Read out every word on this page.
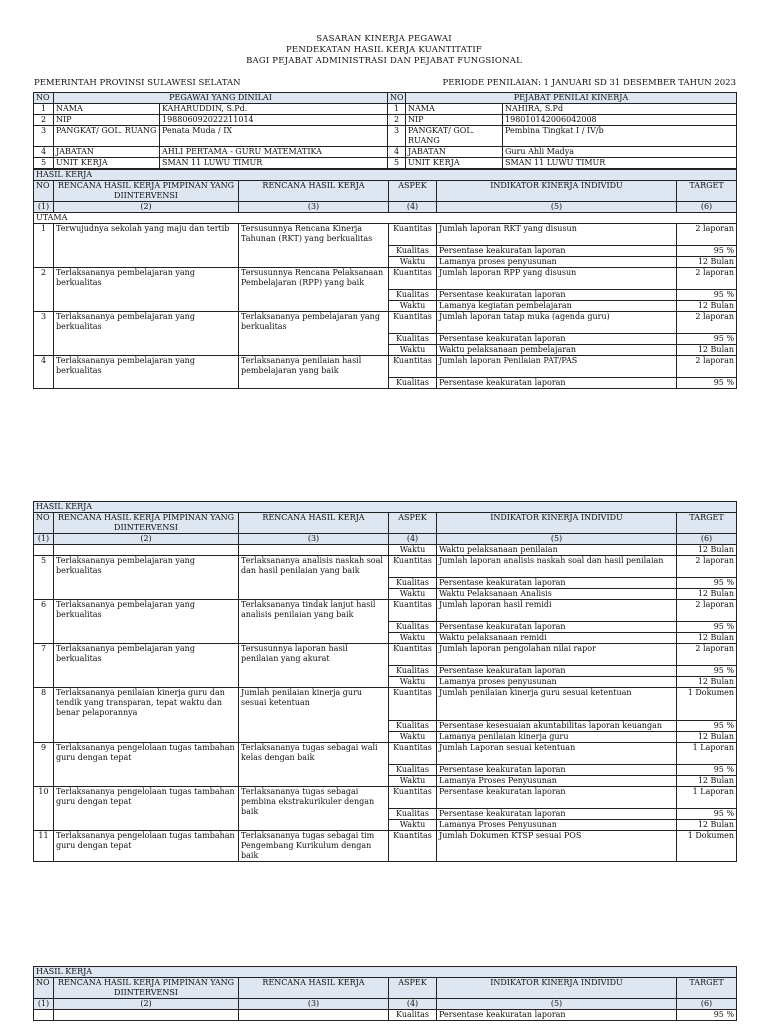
SASARAN KINERJA PEGAWAI
PENDEKATAN HASIL KERJA KUANTITATIF
BAGI PEJABAT ADMINISTRASI DAN PEJABAT FUNGSIONAL
PEMERINTAH PROVINSI SULAWESI SELATAN	PERIODE PENILAIAN: 1 JANUARI SD 31 DESEMBER TAHUN 2023
NO	PEGAWAI YANG DINILAI		NO	PEJABAT PENILAI KINERJA	
1	NAMA	KAHARUDDIN, S.Pd.	1	NAMA	NAHIRA, S.Pd
2	NIP	198806092022211014	2	NIP	198010142006042008
3	PANGKAT/ GOL. RUANG	Penata Muda / IX	3	PANGKAT/ GOL. RUANG	Pembina Tingkat I / IV/b
4	JABATAN	AHLI PERTAMA - GURU MATEMATIKA	4	JABATAN	Guru Ahli Madya
5	UNIT KERJA	SMAN 11 LUWU TIMUR	5	UNIT KERJA	SMAN 11 LUWU TIMUR
HASIL KERJA					
NO	RENCANA HASIL KERJA PIMPINAN YANG DIINTERVENSI	RENCANA HASIL KERJA	ASPEK	INDIKATOR KINERJA INDIVIDU	TARGET
(1)	(2)	(3)	(4)	(5)	(6)
UTAMA					
1	Terwujudnya sekolah yang maju dan tertib	Tersusunnya Rencana Kinerja Tahunan (RKT) yang berkualitas	Kuantitas	Jumlah laporan RKT yang disusun	2 laporan
			Kualitas	Persentase keakuratan laporan	95 %
			Waktu	Lamanya proses penyusunan	12 Bulan
2	Terlaksananya pembelajaran yang berkualitas	Tersusunnya Rencana Pelaksanaan Pembelajaran (RPP) yang baik	Kuantitas	Jumlah laporan RPP yang disusun	2 laporan
			Kualitas	Persentase keakuratan laporan	95 %
			Waktu	Lamanya kegiatan pembelajaran	12 Bulan
3	Terlaksananya pembelajaran yang berkualitas	Terlaksananya pembelajaran yang berkualitas	Kuantitas	Jumlah laporan tatap muka (agenda guru)	2 laporan
			Kualitas	Persentase keakuratan laporan	95 %
			Waktu	Waktu pelaksanaan pembelajaran	12 Bulan
4	Terlaksananya pembelajaran yang berkualitas	Terlaksananya penilaian hasil pembelajaran yang baik	Kuantitas	Jumlah laporan Penilaian PAT/PAS	2 laporan
			Kualitas	Persentase keakuratan laporan	95 %
HASIL KERJA					
NO	RENCANA HASIL KERJA PIMPINAN YANG DIINTERVENSI	RENCANA HASIL KERJA	ASPEK	INDIKATOR KINERJA INDIVIDU	TARGET
(1)	(2)	(3)	(4)	(5)	(6)
			Waktu	Waktu pelaksanaan penilaian	12 Bulan
5	Terlaksananya pembelajaran yang berkualitas	Terlaksananya analisis naskah soal dan hasil penilaian yang baik	Kuantitas	Jumlah laporan analisis naskah soal dan hasil penilaian	2 laporan
			Kualitas	Persentase keakuratan laporan	95 %
			Waktu	Waktu Pelaksanaan Analisis	12 Bulan
6	Terlaksananya pembelajaran yang berkualitas	Terlaksananya tindak lanjut hasil analisis penilaian yang baik	Kuantitas	Jumlah laporan hasil remidi	2 laporan
			Kualitas	Persentase keakuratan laporan	95 %
			Waktu	Waktu pelaksanaan remidi	12 Bulan
7	Terlaksananya pembelajaran yang berkualitas	Tersusunnya laporan hasil penilaian yang akurat	Kuantitas	Jumlah laporan pengolahan nilai rapor	2 laporan
			Kualitas	Persentase keakuratan laporan	95 %
			Waktu	Lamanya proses penyusunan	12 Bulan
8	Terlaksananya penilaian kinerja guru dan tendik yang transparan, tepat waktu dan benar pelaporannya	Jumlah penilaian kinerja guru sesuai ketentuan	Kuantitas	Jumlah penilaian kinerja guru sesuai ketentuan	1 Dokumen
			Kualitas	Persentase kesesuaian akuntabilitas laporan keuangan	95 %
			Waktu	Lamanya penilaian kinerja guru	12 Bulan
9	Terlaksananya pengelolaan tugas tambahan guru dengan tepat	Terlaksananya tugas sebagai wali kelas dengan baik	Kuantitas	Jumlah Laporan sesuai ketentuan	1 Laporan
			Kualitas	Persentase keakuratan laporan	95 %
			Waktu	Lamanya Proses Penyusunan	12 Bulan
10	Terlaksananya pengelolaan tugas tambahan guru dengan tepat	Terlaksananya tugas sebagai pembina ekstrakurikuler dengan baik	Kuantitas	Persentase keakuratan laporan	1 Laporan
			Kualitas	Persentase keakuratan laporan	95 %
			Waktu	Lamanya Proses Penyusunan	12 Bulan
11	Terlaksananya pengelolaan tugas tambahan guru dengan tepat	Terlaksananya tugas sebagai tim Pengembang Kurikulum dengan baik	Kuantitas	Jumlah Dokumen KTSP sesuai POS	1 Dokumen
HASIL KERJA					
NO	RENCANA HASIL KERJA PIMPINAN YANG DIINTERVENSI	RENCANA HASIL KERJA	ASPEK	INDIKATOR KINERJA INDIVIDU	TARGET
(1)	(2)	(3)	(4)	(5)	(6)
			Kualitas	Persentase keakuratan laporan	95 %
